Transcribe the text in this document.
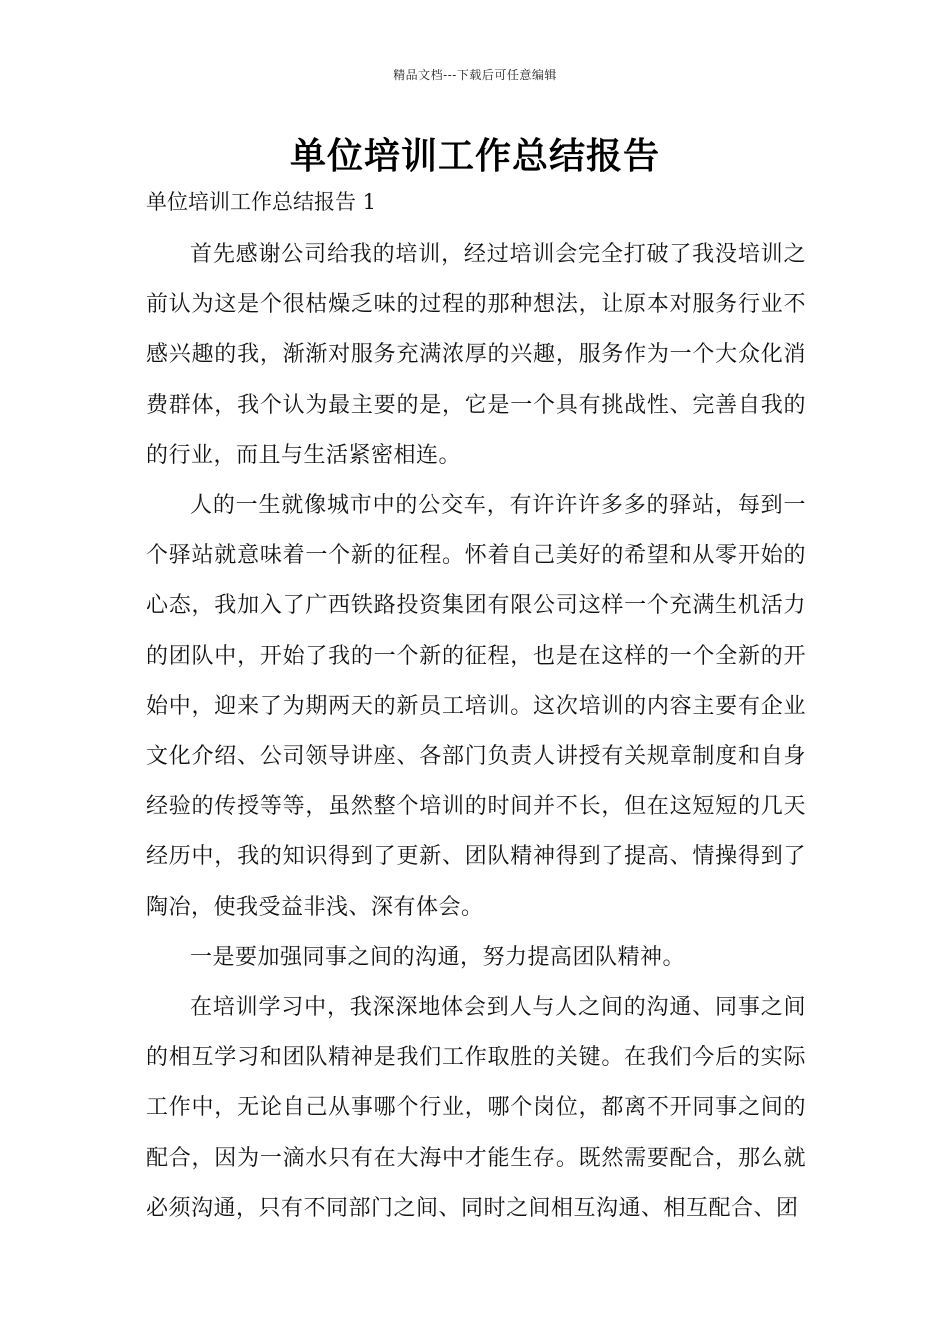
精品文档---下载后可任意编辑
单位培训工作总结报告
单位培训工作总结报告 1

首先感谢公司给我的培训，经过培训会完全打破了我没培训之前认为这是个很枯燥乏味的过程的那种想法，让原本对服务行业不感兴趣的我，渐渐对服务充满浓厚的兴趣，服务作为一个大众化消费群体，我个认为最主要的是，它是一个具有挑战性、完善自我的的行业，而且与生活紧密相连。

人的一生就像城市中的公交车，有许许许多多的驿站，每到一个驿站就意味着一个新的征程。怀着自己美好的希望和从零开始的心态，我加入了广西铁路投资集团有限公司这样一个充满生机活力的团队中，开始了我的一个新的征程，也是在这样的一个全新的开始中，迎来了为期两天的新员工培训。这次培训的内容主要有企业文化介绍、公司领导讲座、各部门负责人讲授有关规章制度和自身经验的传授等等，虽然整个培训的时间并不长，但在这短短的几天经历中，我的知识得到了更新、团队精神得到了提高、情操得到了陶冶，使我受益非浅、深有体会。

一是要加强同事之间的沟通，努力提高团队精神。

在培训学习中，我深深地体会到人与人之间的沟通、同事之间的相互学习和团队精神是我们工作取胜的关键。在我们今后的实际工作中，无论自己从事哪个行业，哪个岗位，都离不开同事之间的配合，因为一滴水只有在大海中才能生存。既然需要配合，那么就必须沟通，只有不同部门之间、同时之间相互沟通、相互配合、团
